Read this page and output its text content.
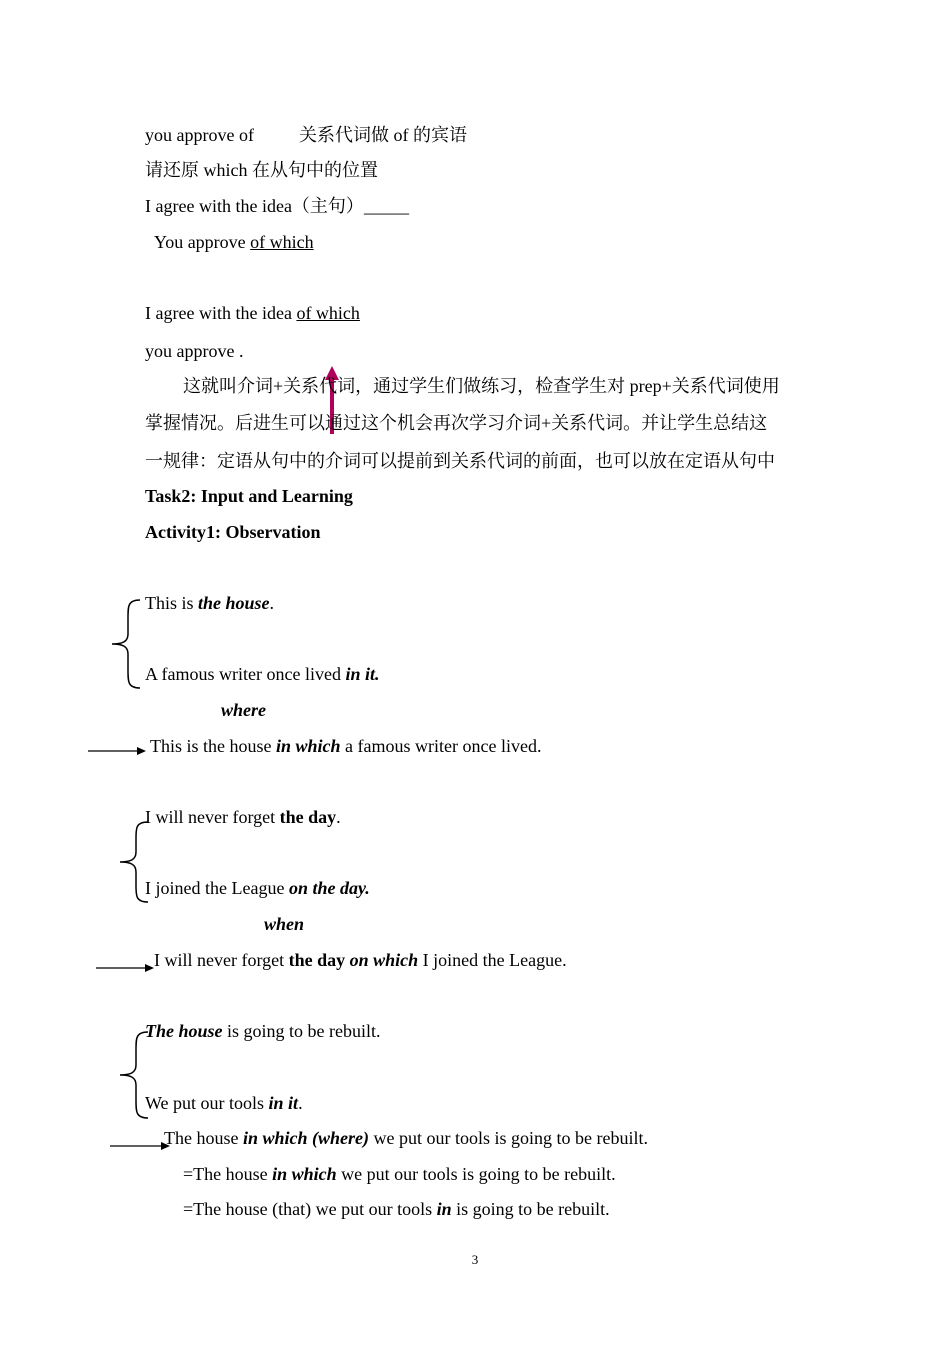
you approve of	关系代词做 of 的宾语
请还原 which 在从句中的位置
I agree with the idea（主句）_____
You approve of which
I agree with the idea of which
you approve .
这就叫介词+关系代词，通过学生们做练习，检查学生对 prep+关系代词使用
掌握情况。后进生可以通过这个机会再次学习介词+关系代词。并让学生总结这
一规律：定语从句中的介词可以提前到关系代词的前面，也可以放在定语从句中
Task2: Input and Learning
Activity1: Observation
This is the house.
A famous writer once lived in it.
where
This is the house in which a famous writer once lived.
I will never forget the day.
I joined the League on the day.
when
I will never forget the day on which I joined the League.
The house is going to be rebuilt.
We put our tools in it.
The house in which (where) we put our tools is going to be rebuilt.
=The house in which we put our tools is going to be rebuilt.
=The house (that) we put our tools in is going to be rebuilt.
3
